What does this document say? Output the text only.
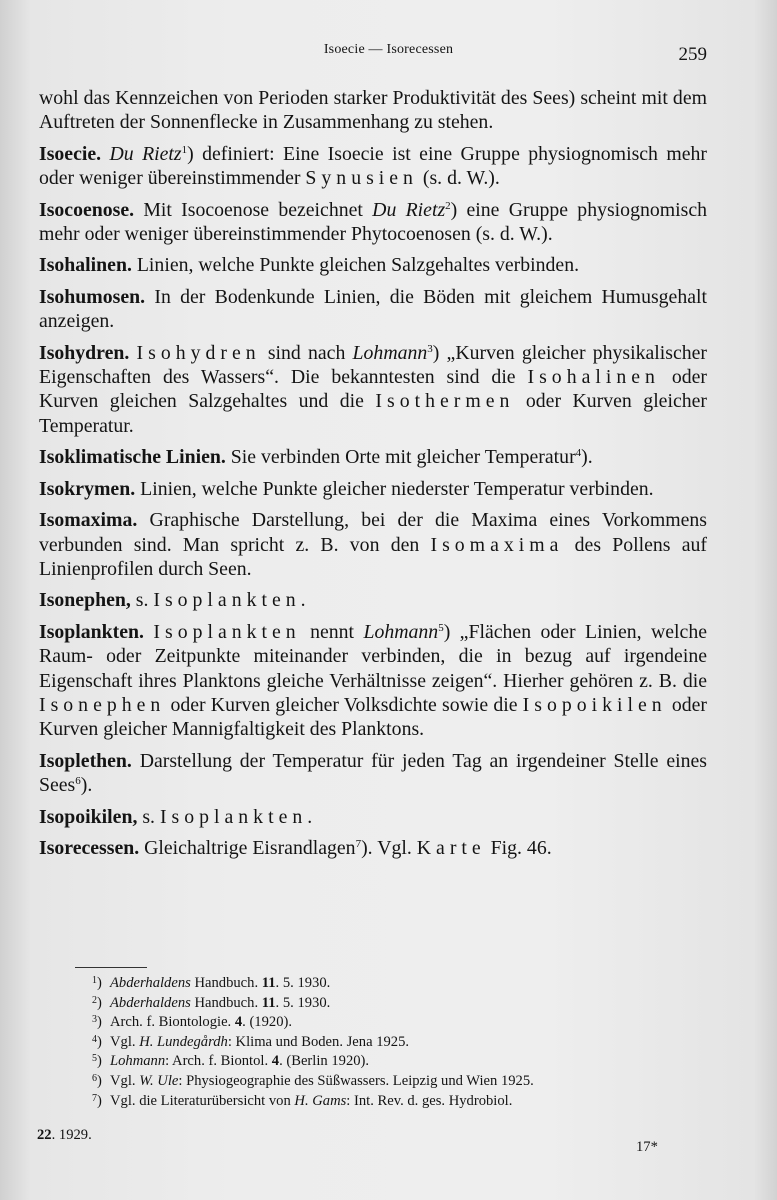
Isoecie — Isorecessen	259

wohl das Kennzeichen von Perioden starker Produktivität des Sees) scheint mit dem Auftreten der Sonnenflecke in Zusammenhang zu stehen.

Isoecie. Du Rietz$^1$) definiert: Eine Isoecie ist eine Gruppe physiognomisch mehr oder weniger übereinstimmender Synusien (s. d. W.).

Isocoenose. Mit Isocoenose bezeichnet Du Rietz$^2$) eine Gruppe physiognomisch mehr oder weniger übereinstimmender Phytocoenosen (s. d. W.).

Isohalinen. Linien, welche Punkte gleichen Salzgehaltes verbinden.

Isohumosen. In der Bodenkunde Linien, die Böden mit gleichem Humusgehalt anzeigen.

Isohydren. Isohydren sind nach Lohmann$^3$) „Kurven gleicher physikalischer Eigenschaften des Wassers“. Die bekanntesten sind die Isohalinen oder Kurven gleichen Salzgehaltes und die Isothermen oder Kurven gleicher Temperatur.

Isoklimatische Linien. Sie verbinden Orte mit gleicher Temperatur$^4$).

Isokrymen. Linien, welche Punkte gleicher niederster Temperatur verbinden.

Isomaxima. Graphische Darstellung, bei der die Maxima eines Vorkommens verbunden sind. Man spricht z. B. von den Isomaxima des Pollens auf Linienprofilen durch Seen.

Isonephen, s. Isoplankten.

Isoplankten. Isoplankten nennt Lohmann$^5$) „Flächen oder Linien, welche Raum- oder Zeitpunkte miteinander verbinden, die in bezug auf irgendeine Eigenschaft ihres Planktons gleiche Verhältnisse zeigen“. Hierher gehören z. B. die Isonephen oder Kurven gleicher Volksdichte sowie die Isopoikilen oder Kurven gleicher Mannigfaltigkeit des Planktons.

Isoplethen. Darstellung der Temperatur für jeden Tag an irgendeiner Stelle eines Sees$^6$).

Isopoikilen, s. Isoplankten.

Isorecessen. Gleichaltrige Eisrandlagen$^7$). Vgl. Karte Fig. 46.

$^1$) Abderhaldens Handbuch. 11. 5. 1930.
$^2$) Abderhaldens Handbuch. 11. 5. 1930.
$^3$) Arch. f. Biontologie. 4. (1920).
$^4$) Vgl. H. Lundegårdh: Klima und Boden. Jena 1925.
$^5$) Lohmann: Arch. f. Biontol. 4. (Berlin 1920).
$^6$) Vgl. W. Ule: Physiogeographie des Süßwassers. Leipzig und Wien 1925.
$^7$) Vgl. die Literaturübersicht von H. Gams: Int. Rev. d. ges. Hydrobiol.
22. 1929.
17*
